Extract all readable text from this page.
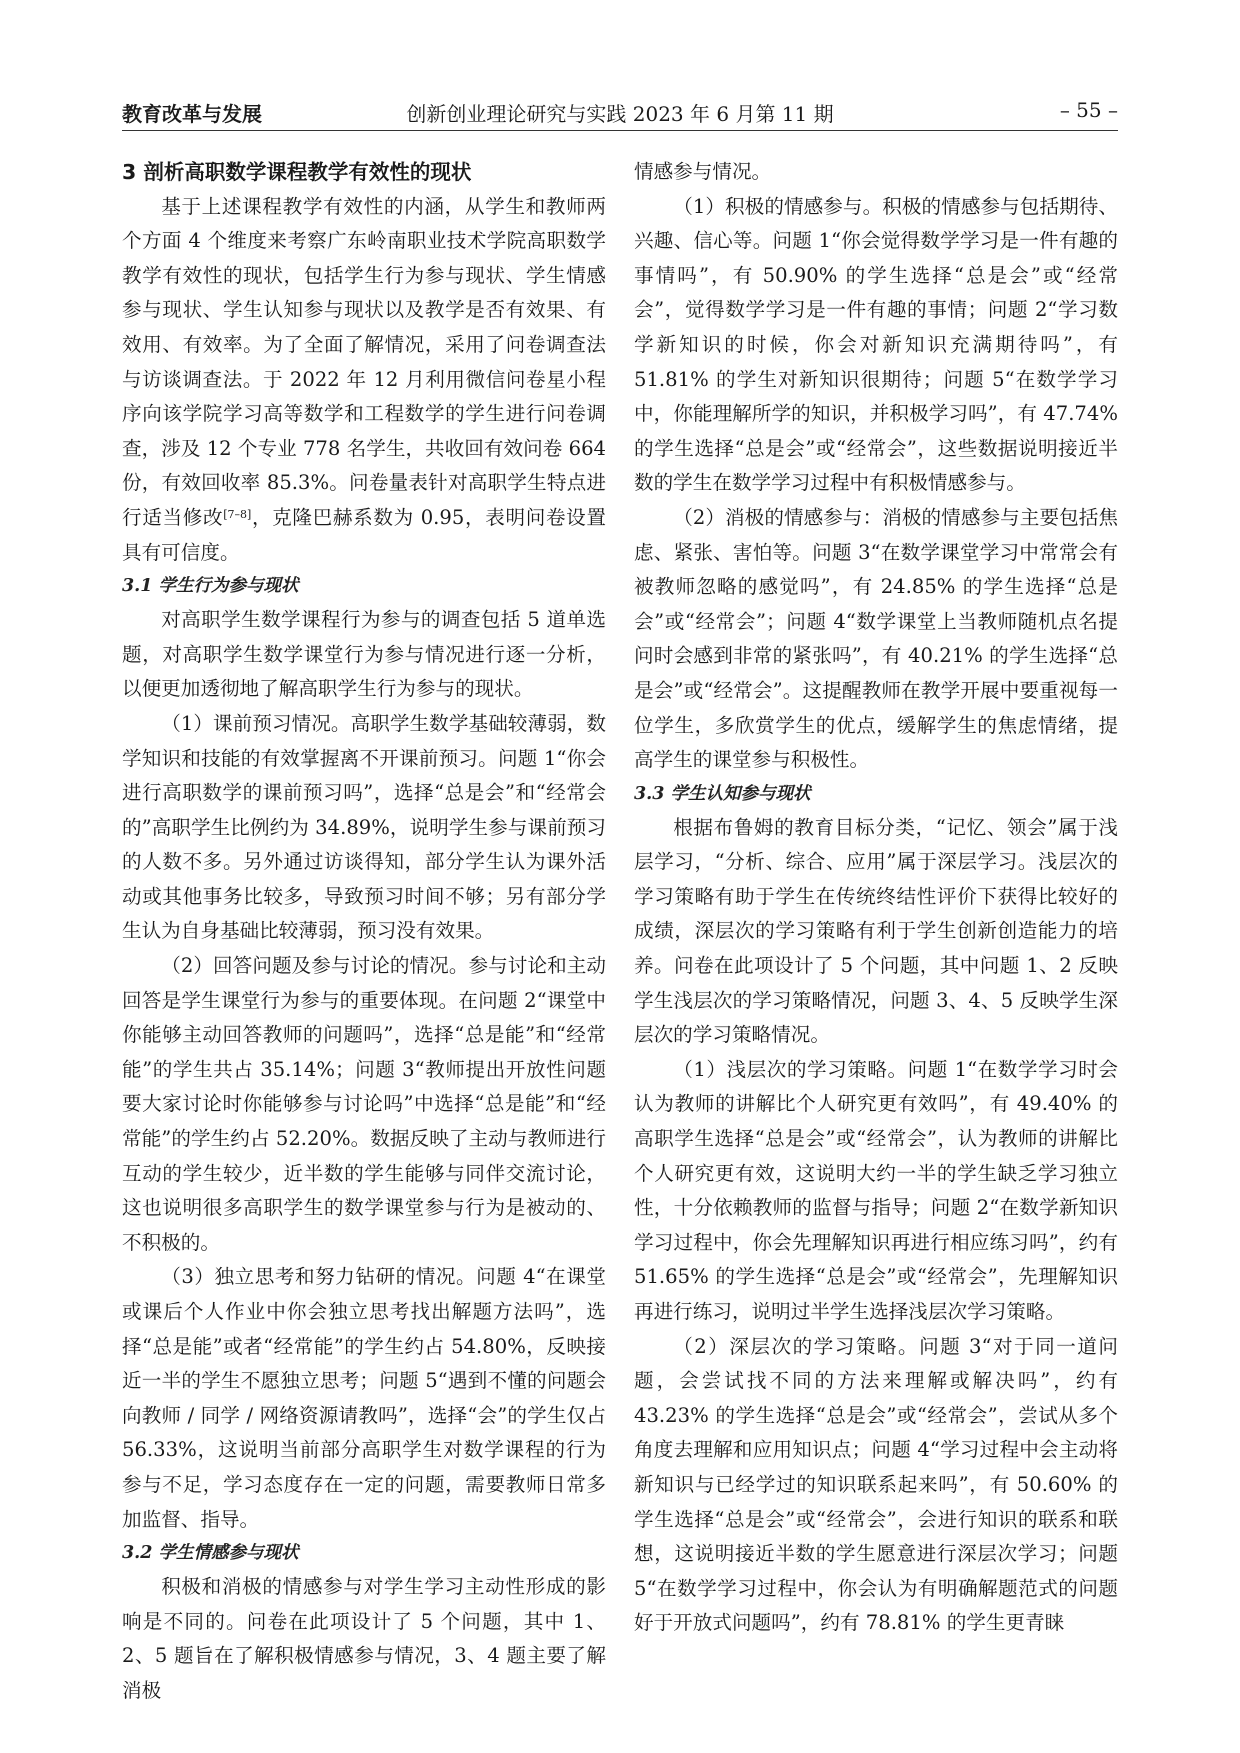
教育改革与发展	创新创业理论研究与实践 2023 年 6 月第 11 期	– 55 –
3 剖析高职数学课程教学有效性的现状

基于上述课程教学有效性的内涵，从学生和教师两个方面 4 个维度来考察广东岭南职业技术学院高职数学教学有效性的现状，包括学生行为参与现状、学生情感参与现状、学生认知参与现状以及教学是否有效果、有效用、有效率。为了全面了解情况，采用了问卷调查法与访谈调查法。于 2022 年 12 月利用微信问卷星小程序向该学院学习高等数学和工程数学的学生进行问卷调查，涉及 12 个专业 778 名学生，共收回有效问卷 664 份，有效回收率 85.3%。问卷量表针对高职学生特点进行适当修改[7–8]，克隆巴赫系数为 0.95，表明问卷设置具有可信度。

3.1 学生行为参与现状

对高职学生数学课程行为参与的调查包括 5 道单选题，对高职学生数学课堂行为参与情况进行逐一分析，以便更加透彻地了解高职学生行为参与的现状。

（1）课前预习情况。高职学生数学基础较薄弱，数学知识和技能的有效掌握离不开课前预习。问题 1“你会进行高职数学的课前预习吗”，选择“总是会”和“经常会的”高职学生比例约为 34.89%，说明学生参与课前预习的人数不多。另外通过访谈得知，部分学生认为课外活动或其他事务比较多，导致预习时间不够；另有部分学生认为自身基础比较薄弱，预习没有效果。

（2）回答问题及参与讨论的情况。参与讨论和主动回答是学生课堂行为参与的重要体现。在问题 2“课堂中你能够主动回答教师的问题吗”，选择“总是能”和“经常能”的学生共占 35.14%；问题 3“教师提出开放性问题要大家讨论时你能够参与讨论吗”中选择“总是能”和“经常能”的学生约占 52.20%。数据反映了主动与教师进行互动的学生较少，近半数的学生能够与同伴交流讨论，这也说明很多高职学生的数学课堂参与行为是被动的、不积极的。

（3）独立思考和努力钻研的情况。问题 4“在课堂或课后个人作业中你会独立思考找出解题方法吗”，选择“总是能”或者“经常能”的学生约占 54.80%，反映接近一半的学生不愿独立思考；问题 5“遇到不懂的问题会向教师 / 同学 / 网络资源请教吗”，选择“会”的学生仅占 56.33%，这说明当前部分高职学生对数学课程的行为参与不足，学习态度存在一定的问题，需要教师日常多加监督、指导。

3.2 学生情感参与现状

积极和消极的情感参与对学生学习主动性形成的影响是不同的。问卷在此项设计了 5 个问题，其中 1、2、5 题旨在了解积极情感参与情况，3、4 题主要了解消极

情感参与情况。

（1）积极的情感参与。积极的情感参与包括期待、兴趣、信心等。问题 1“你会觉得数学学习是一件有趣的事情吗”，有 50.90% 的学生选择“总是会”或“经常会”，觉得数学学习是一件有趣的事情；问题 2“学习数学新知识的时候，你会对新知识充满期待吗”，有 51.81% 的学生对新知识很期待；问题 5“在数学学习中，你能理解所学的知识，并积极学习吗”，有 47.74% 的学生选择“总是会”或“经常会”，这些数据说明接近半数的学生在数学学习过程中有积极情感参与。

（2）消极的情感参与：消极的情感参与主要包括焦虑、紧张、害怕等。问题 3“在数学课堂学习中常常会有被教师忽略的感觉吗”，有 24.85% 的学生选择“总是会”或“经常会”；问题 4“数学课堂上当教师随机点名提问时会感到非常的紧张吗”，有 40.21% 的学生选择“总是会”或“经常会”。这提醒教师在教学开展中要重视每一位学生，多欣赏学生的优点，缓解学生的焦虑情绪，提高学生的课堂参与积极性。

3.3 学生认知参与现状

根据布鲁姆的教育目标分类，“记忆、领会”属于浅层学习，“分析、综合、应用”属于深层学习。浅层次的学习策略有助于学生在传统终结性评价下获得比较好的成绩，深层次的学习策略有利于学生创新创造能力的培养。问卷在此项设计了 5 个问题，其中问题 1、2 反映学生浅层次的学习策略情况，问题 3、4、5 反映学生深层次的学习策略情况。

（1）浅层次的学习策略。问题 1“在数学学习时会认为教师的讲解比个人研究更有效吗”，有 49.40% 的高职学生选择“总是会”或“经常会”，认为教师的讲解比个人研究更有效，这说明大约一半的学生缺乏学习独立性，十分依赖教师的监督与指导；问题 2“在数学新知识学习过程中，你会先理解知识再进行相应练习吗”，约有 51.65% 的学生选择“总是会”或“经常会”，先理解知识再进行练习，说明过半学生选择浅层次学习策略。

（2）深层次的学习策略。问题 3“对于同一道问题，会尝试找不同的方法来理解或解决吗”，约有 43.23% 的学生选择“总是会”或“经常会”，尝试从多个角度去理解和应用知识点；问题 4“学习过程中会主动将新知识与已经学过的知识联系起来吗”，有 50.60% 的学生选择“总是会”或“经常会”，会进行知识的联系和联想，这说明接近半数的学生愿意进行深层次学习；问题 5“在数学学习过程中，你会认为有明确解题范式的问题好于开放式问题吗”，约有 78.81% 的学生更青睐
